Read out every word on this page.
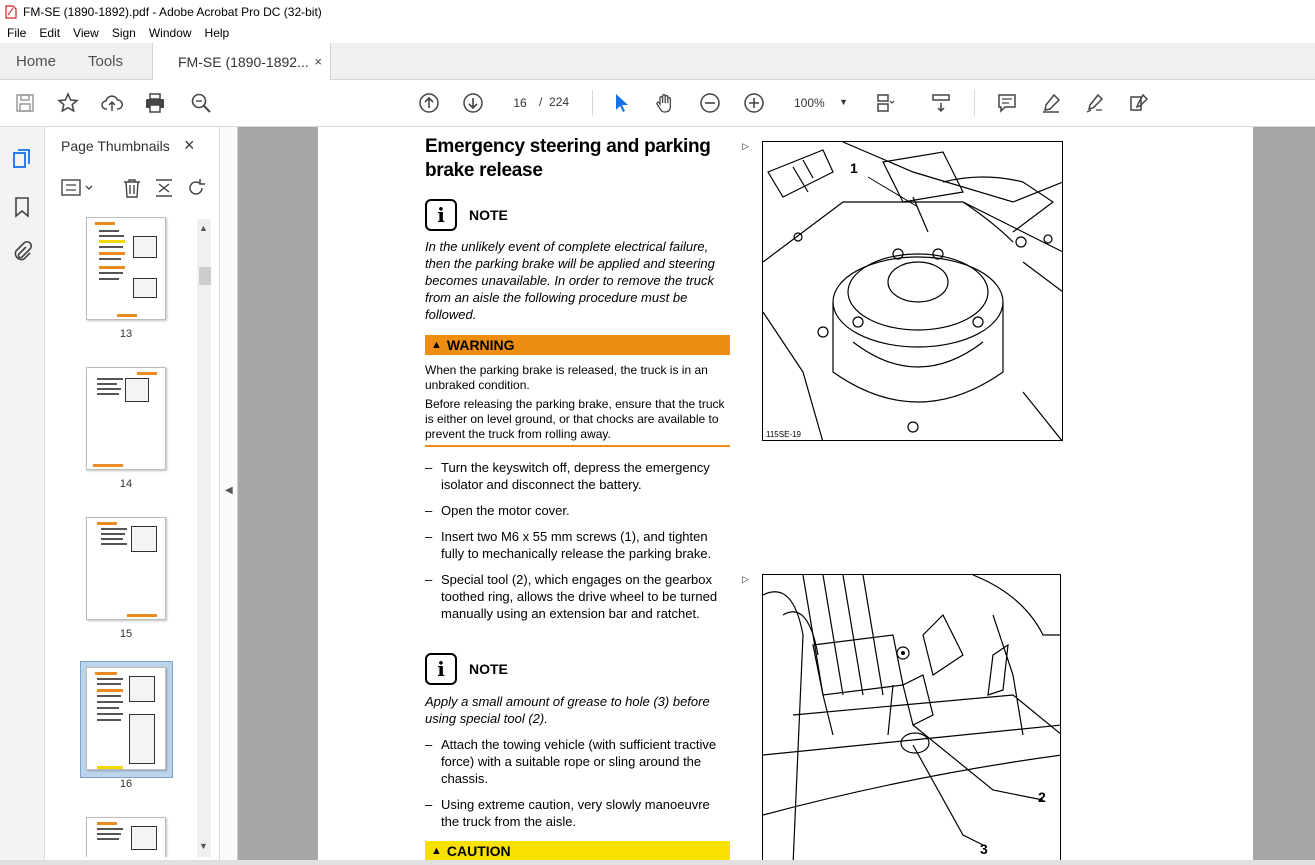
FM-SE (1890-1892).pdf - Adobe Acrobat Pro DC (32-bit)
File	Edit	View	Sign	Window	Help
Home Tools	FM-SE (1890-1892... ×
16	/ 224	100% ▼
Page Thumbnails ×
13
14
15
16
▲
▼
◀
Emergency steering and parking brake release
i	NOTE
In the unlikely event of complete electrical failure, then the parking brake will be applied and steering becomes unavailable. In order to remove the truck from an aisle the following procedure must be followed.
▲ WARNING
When the parking brake is released, the truck is in an unbraked condition.
Before releasing the parking brake, ensure that the truck is either on level ground, or that chocks are available to prevent the truck from rolling away.
– Turn the keyswitch off, depress the emergency isolator and disconnect the battery.
– Open the motor cover.
– Insert two M6 x 55 mm screws (1), and tighten fully to mechanically release the parking brake.
– Special tool (2), which engages on the gearbox toothed ring, allows the drive wheel to be turned manually using an extension bar and ratchet.
i	NOTE
Apply a small amount of grease to hole (3) before using special tool (2).
– Attach the towing vehicle (with sufficient tractive force) with a suitable rope or sling around the chassis.
– Using extreme caution, very slowly manoeuvre the truck from the aisle.
▲ CAUTION
▷
▷
1
115SE-19
2
3
